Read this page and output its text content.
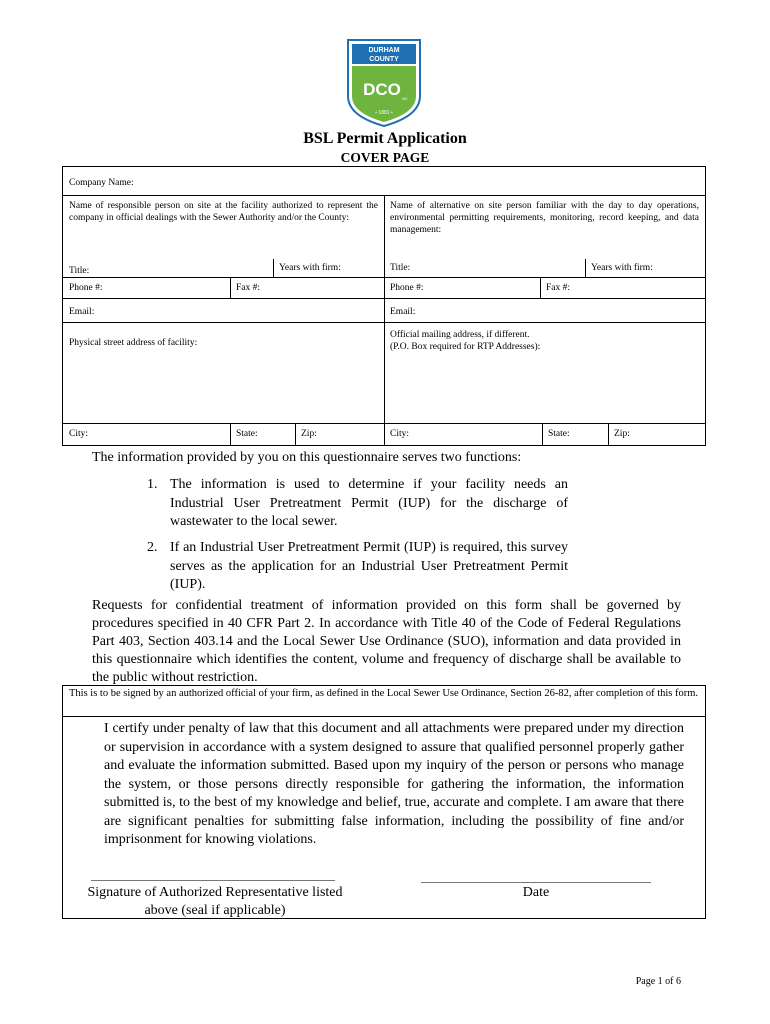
DURHAM
COUNTY
DCO NC
• 1881 •
BSL Permit Application
COVER PAGE
Company Name:
Name of responsible person on site at the facility authorized to represent the company in official dealings with the Sewer Authority and/or the County:
Name of alternative on site person familiar with the day to day operations, environmental permitting requirements, monitoring, record keeping, and data management:
Title:	Years with firm:	Title:	Years with firm:
Phone #:	Fax #:	Phone #:	Fax #:
Email:	Email:
Physical street address of facility:
Official mailing address, if different.
(P.O. Box required for RTP Addresses):
City:	State:	Zip:	City:	State:	Zip:
The information provided by you on this questionnaire serves two functions:
1. The information is used to determine if your facility needs an Industrial User Pretreatment Permit (IUP) for the discharge of wastewater to the local sewer.
2. If an Industrial User Pretreatment Permit (IUP) is required, this survey serves as the application for an Industrial User Pretreatment Permit (IUP).
Requests for confidential treatment of information provided on this form shall be governed by procedures specified in 40 CFR Part 2. In accordance with Title 40 of the Code of Federal Regulations Part 403, Section 403.14 and the Local Sewer Use Ordinance (SUO), information and data provided in this questionnaire which identifies the content, volume and frequency of discharge shall be available to the public without restriction.
This is to be signed by an authorized official of your firm, as defined in the Local Sewer Use Ordinance, Section 26-82, after completion of this form.
I certify under penalty of law that this document and all attachments were prepared under my direction or supervision in accordance with a system designed to assure that qualified personnel properly gather and evaluate the information submitted. Based upon my inquiry of the person or persons who manage the system, or those persons directly responsible for gathering the information, the information submitted is, to the best of my knowledge and belief, true, accurate and complete. I am aware that there are significant penalties for submitting false information, including the possibility of fine and/or imprisonment for knowing violations.
Signature of Authorized Representative listed
above (seal if applicable)
Date
Page 1 of 6
